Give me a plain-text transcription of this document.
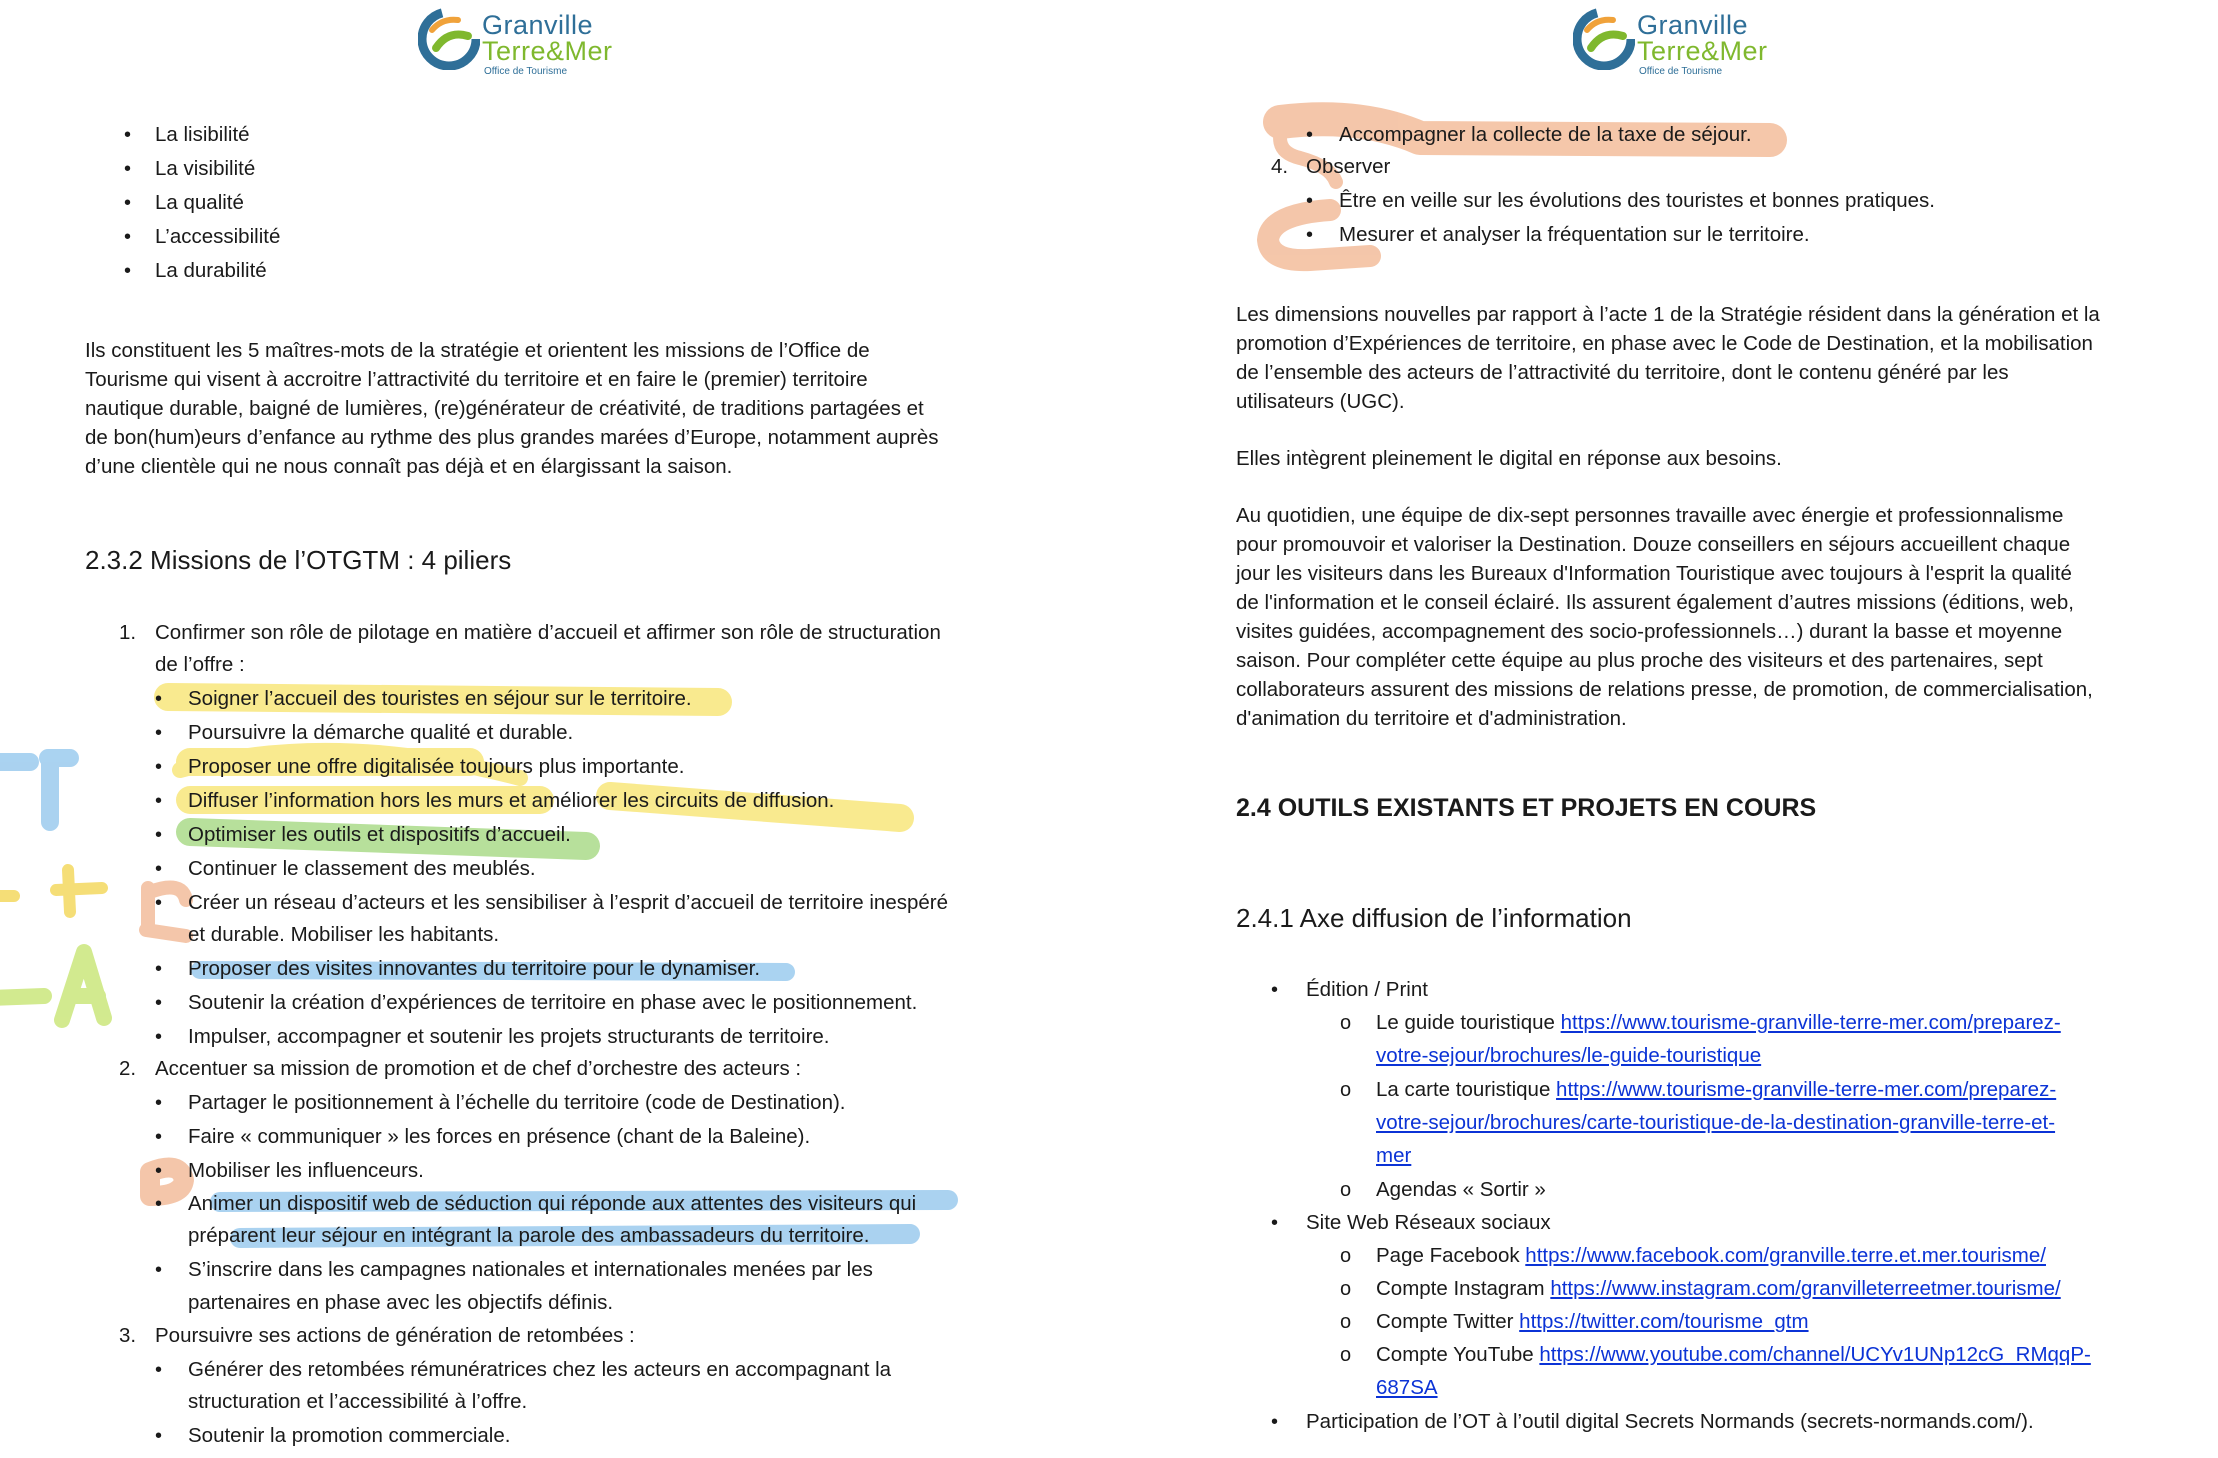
Granville
Terre&Mer
Office de Tourisme
Granville
Terre&Mer
Office de Tourisme
• La lisibilité
• La visibilité
• La qualité
• L’accessibilité
• La durabilité
Ils constituent les 5 maîtres-mots de la stratégie et orientent les missions de l’Office de
Tourisme qui visent à accroitre l’attractivité du territoire et en faire le (premier) territoire
nautique durable, baigné de lumières, (re)générateur de créativité, de traditions partagées et
de bon(hum)eurs d’enfance au rythme des plus grandes marées d’Europe, notamment auprès
d’une clientèle qui ne nous connaît pas déjà et en élargissant la saison.
2.3.2 Missions de l’OTGTM : 4 piliers
1. Confirmer son rôle de pilotage en matière d’accueil et affirmer son rôle de structuration
de l’offre :
• Soigner l’accueil des touristes en séjour sur le territoire.
• Poursuivre la démarche qualité et durable.
• Proposer une offre digitalisée toujours plus importante.
• Diffuser l’information hors les murs et améliorer les circuits de diffusion.
• Optimiser les outils et dispositifs d’accueil.
• Continuer le classement des meublés.
• Créer un réseau d’acteurs et les sensibiliser à l’esprit d’accueil de territoire inespéré
et durable. Mobiliser les habitants.
• Proposer des visites innovantes du territoire pour le dynamiser.
• Soutenir la création d’expériences de territoire en phase avec le positionnement.
• Impulser, accompagner et soutenir les projets structurants de territoire.
2. Accentuer sa mission de promotion et de chef d’orchestre des acteurs :
• Partager le positionnement à l’échelle du territoire (code de Destination).
• Faire « communiquer » les forces en présence (chant de la Baleine).
• Mobiliser les influenceurs.
• Animer un dispositif web de séduction qui réponde aux attentes des visiteurs qui
préparent leur séjour en intégrant la parole des ambassadeurs du territoire.
• S’inscrire dans les campagnes nationales et internationales menées par les
partenaires en phase avec les objectifs définis.
3. Poursuivre ses actions de génération de retombées :
• Générer des retombées rémunératrices chez les acteurs en accompagnant la
structuration et l’accessibilité à l’offre.
• Soutenir la promotion commerciale.
• Accompagner la collecte de la taxe de séjour.
4. Observer
• Être en veille sur les évolutions des touristes et bonnes pratiques.
• Mesurer et analyser la fréquentation sur le territoire.
Les dimensions nouvelles par rapport à l’acte 1 de la Stratégie résident dans la génération et la
promotion d’Expériences de territoire, en phase avec le Code de Destination, et la mobilisation
de l’ensemble des acteurs de l’attractivité du territoire, dont le contenu généré par les
utilisateurs (UGC).
Elles intègrent pleinement le digital en réponse aux besoins.
Au quotidien, une équipe de dix-sept personnes travaille avec énergie et professionnalisme
pour promouvoir et valoriser la Destination. Douze conseillers en séjours accueillent chaque
jour les visiteurs dans les Bureaux d'Information Touristique avec toujours à l'esprit la qualité
de l'information et le conseil éclairé. Ils assurent également d’autres missions (éditions, web,
visites guidées, accompagnement des socio-professionnels…) durant la basse et moyenne
saison. Pour compléter cette équipe au plus proche des visiteurs et des partenaires, sept
collaborateurs assurent des missions de relations presse, de promotion, de commercialisation,
d'animation du territoire et d'administration.
2.4 OUTILS EXISTANTS ET PROJETS EN COURS
2.4.1 Axe diffusion de l’information
• Édition / Print
o Le guide touristique https://www.tourisme-granville-terre-mer.com/preparez-
votre-sejour/brochures/le-guide-touristique
o La carte touristique https://www.tourisme-granville-terre-mer.com/preparez-
votre-sejour/brochures/carte-touristique-de-la-destination-granville-terre-et-
mer
o Agendas « Sortir »
• Site Web Réseaux sociaux
o Page Facebook https://www.facebook.com/granville.terre.et.mer.tourisme/
o Compte Instagram https://www.instagram.com/granvilleterreetmer.tourisme/
o Compte Twitter https://twitter.com/tourisme_gtm
o Compte YouTube https://www.youtube.com/channel/UCYv1UNp12cG_RMqqP-
687SA
• Participation de l’OT à l’outil digital Secrets Normands (secrets-normands.com/).
